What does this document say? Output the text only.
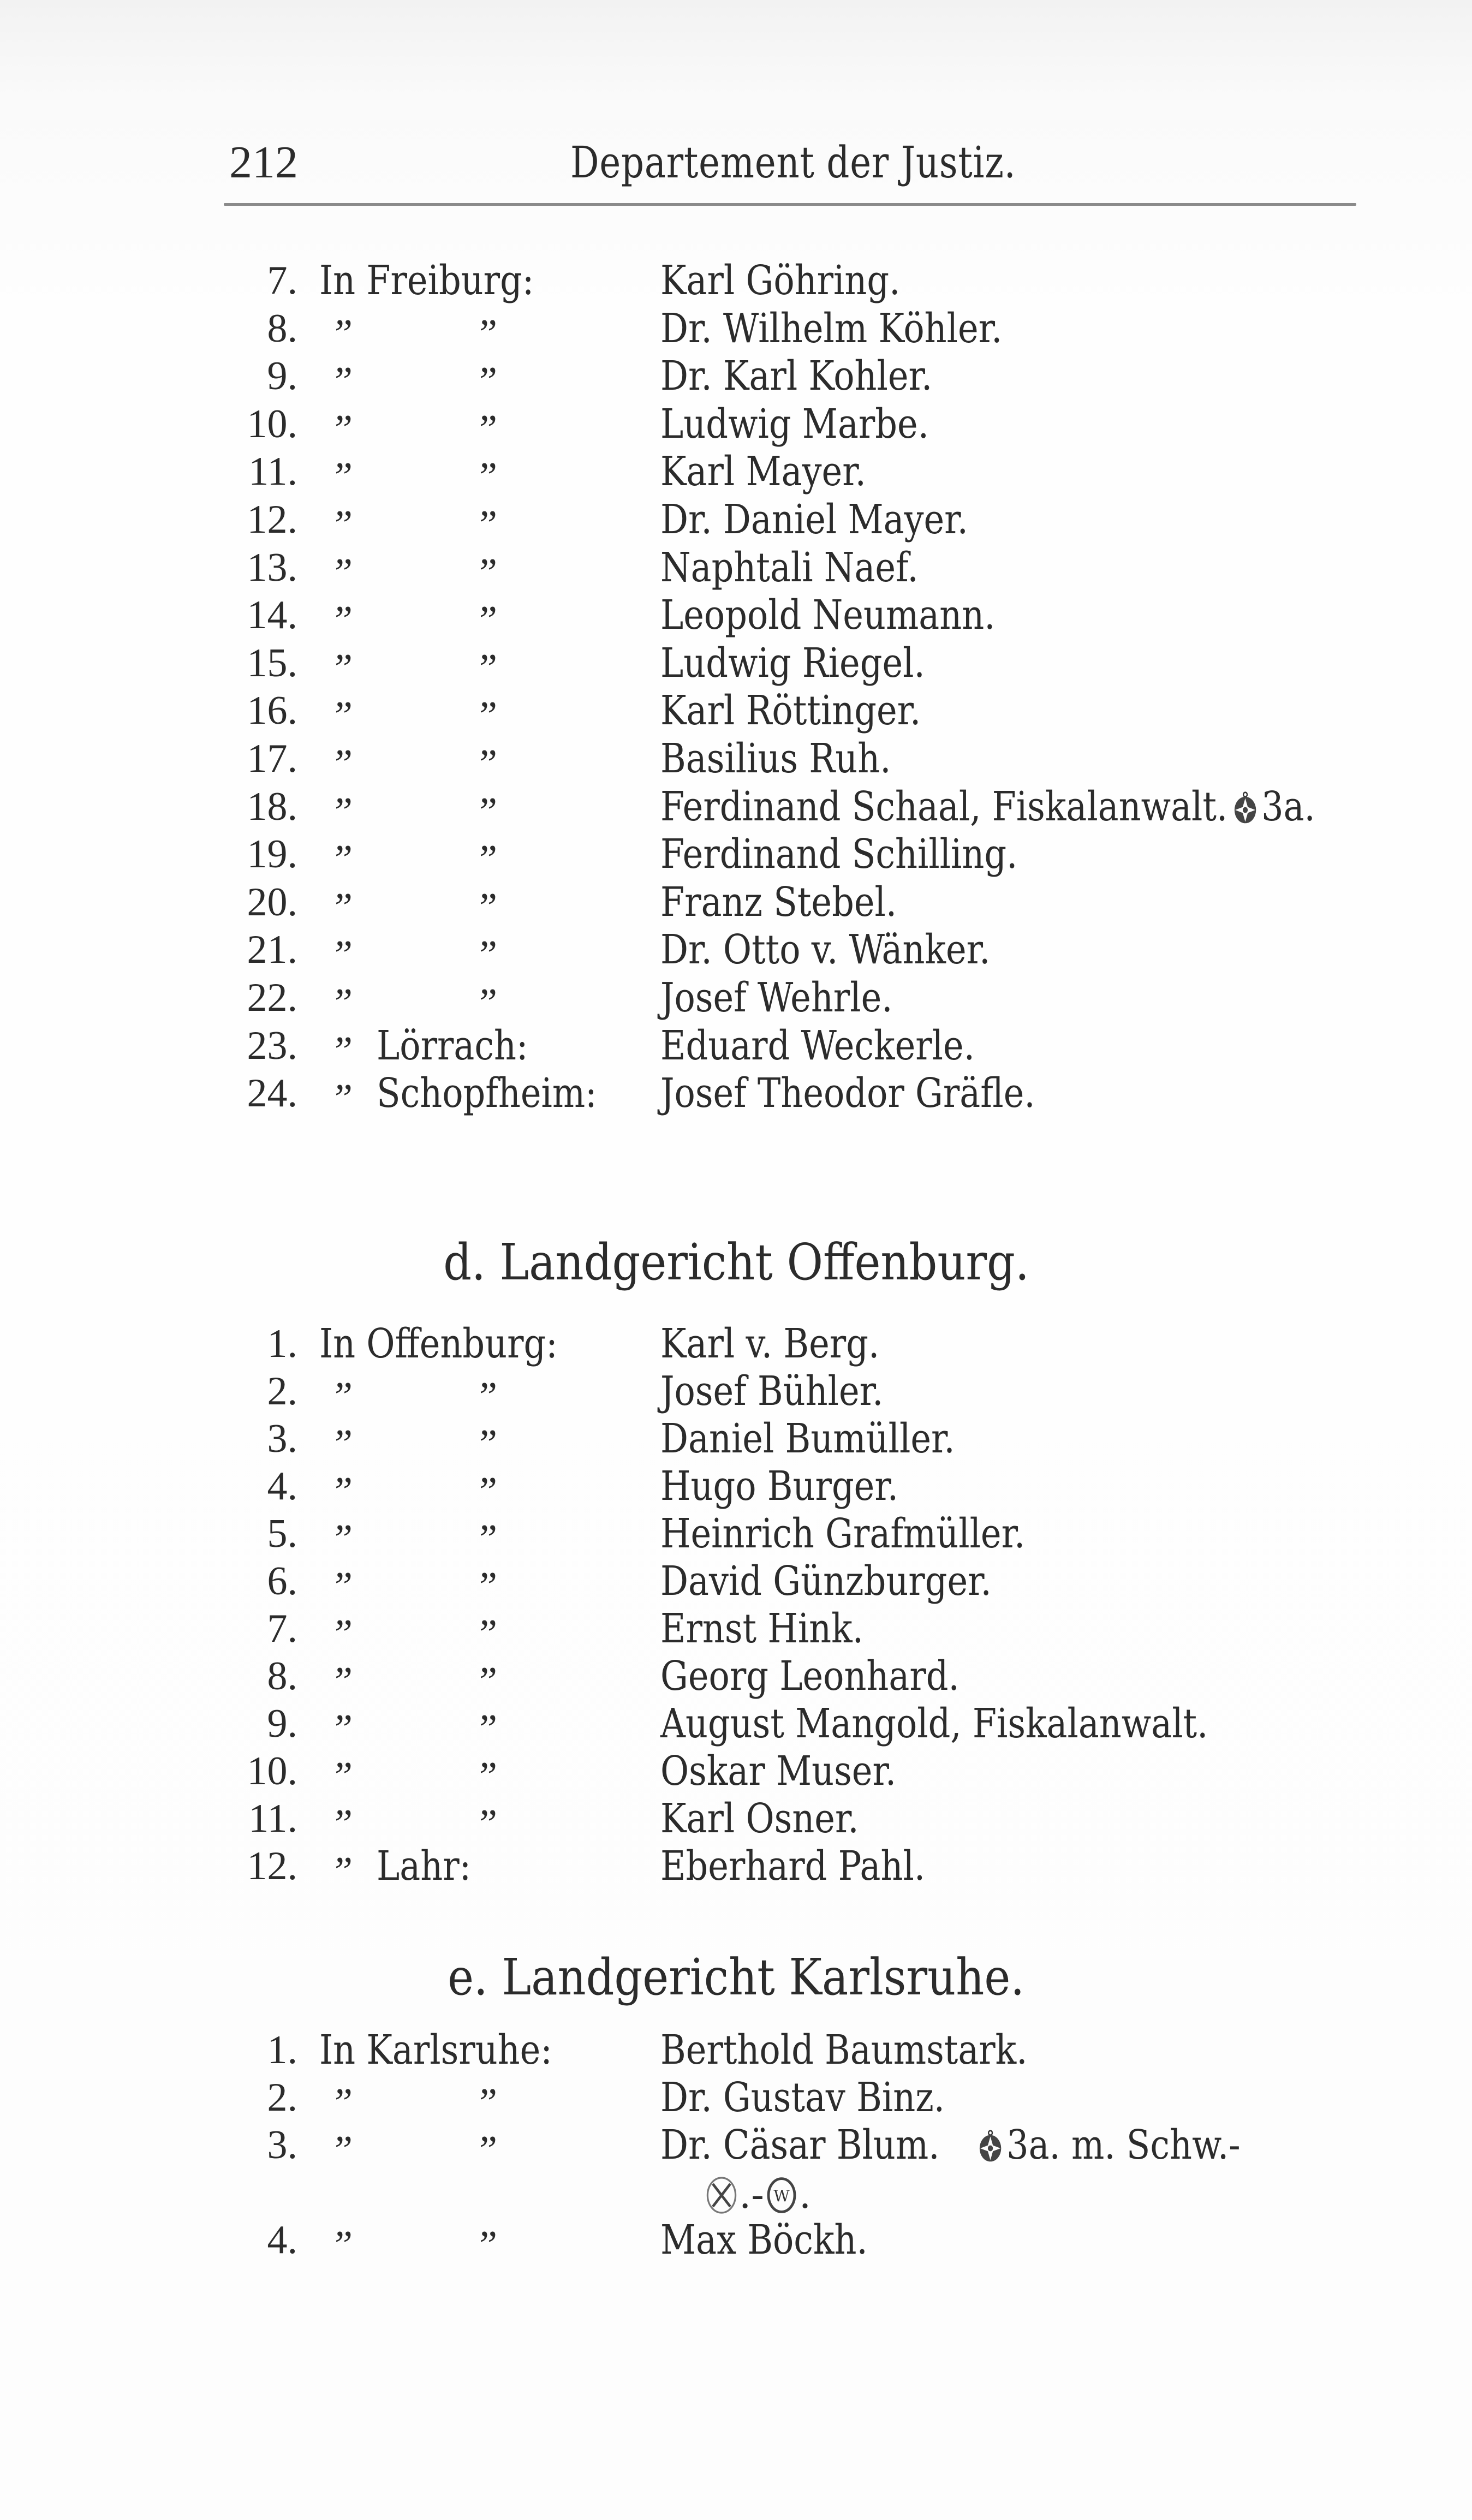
212	Departement der Justiz.
7. In Freiburg:	Karl Göhring.
8. ”	”	Dr. Wilhelm Köhler.
9. ”	”	Dr. Karl Kohler.
10. ”	”	Ludwig Marbe.
11. ”	”	Karl Mayer.
12. ”	”	Dr. Daniel Mayer.
13. ”	”	Naphtali Naef.
14. ”	”	Leopold Neumann.
15. ”	”	Ludwig Riegel.
16. ”	”	Karl Röttinger.
17. ”	”	Basilius Ruh.
18. ”	”	Ferdinand Schaal, Fiskalanwalt. 3a.
19. ”	”	Ferdinand Schilling.
20. ”	”	Franz Stebel.
21. ”	”	Dr. Otto v. Wänker.
22. ”	”	Josef Wehrle.
23. ” Lörrach:	Eduard Weckerle.
24. ” Schopfheim: Josef Theodor Gräfle.
d. Landgericht Offenburg.
1. In Offenburg:	Karl v. Berg.
2. ”	”	Josef Bühler.
3. ”	”	Daniel Bumüller.
4. ”	”	Hugo Burger.
5. ”	”	Heinrich Grafmüller.
6. ”	”	David Günzburger.
7. ”	”	Ernst Hink.
8. ”	”	Georg Leonhard.
9. ”	”	August Mangold, Fiskalanwalt.
10. ”	”	Oskar Muser.
11. ”	”	Karl Osner.
12. ” Lahr:	Eberhard Pahl.
e. Landgericht Karlsruhe.
1. In Karlsruhe:	Berthold Baumstark.
2. ”	”	Dr. Gustav Binz.
3. ”	”	Dr. Cäsar Blum. 3a. m. Schw.-
.- W .
4. ”	”	Max Böckh.
